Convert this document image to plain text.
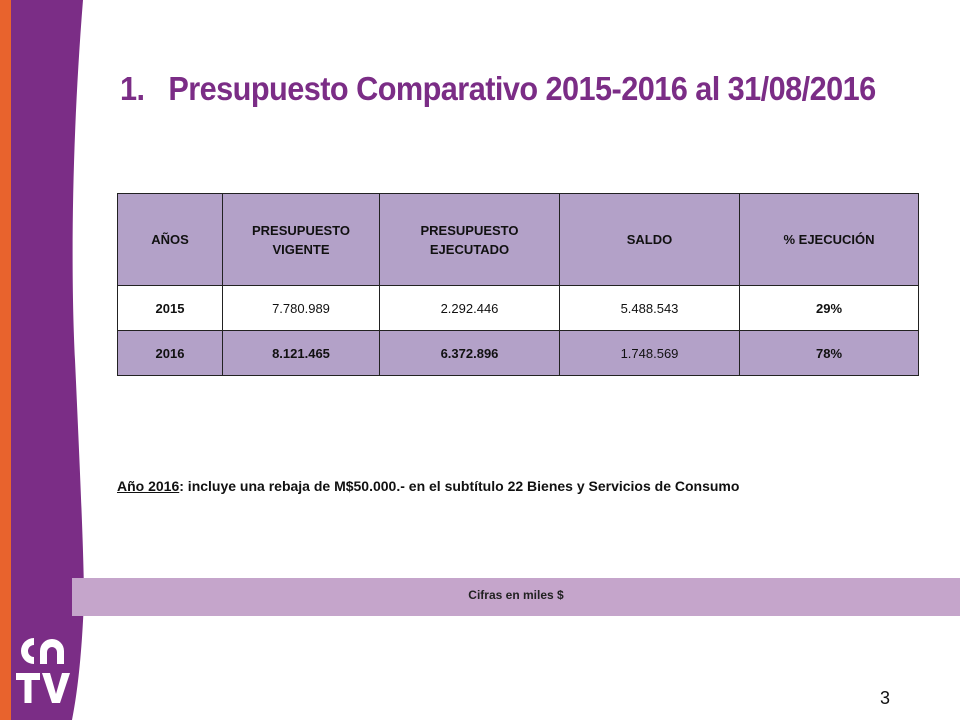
1. Presupuesto Comparativo 2015-2016 al 31/08/2016
AÑOS	PRESUPUESTO VIGENTE	PRESUPUESTO EJECUTADO	SALDO	% EJECUCIÓN
2015	7.780.989	2.292.446	5.488.543	29%
2016	8.121.465	6.372.896	1.748.569	78%
Año 2016: incluye una rebaja de M$50.000.- en el subtítulo 22 Bienes y Servicios de Consumo
Cifras en miles $
3
